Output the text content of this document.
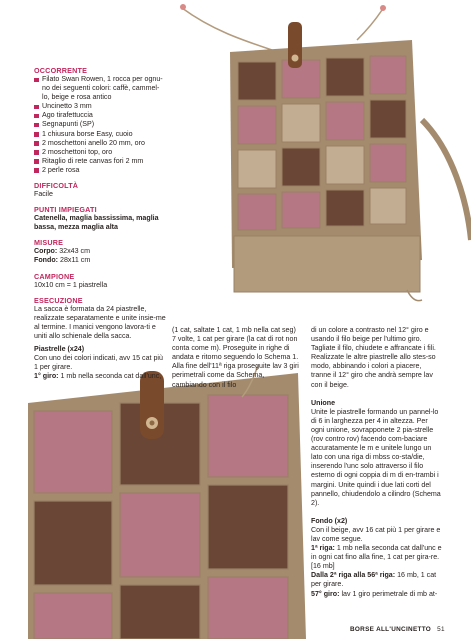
OCCORRENTE
Filato Swan Rowen, 1 rocca per ognu-no dei seguenti colori: caffè, cammel-lo, beige e rosa antico
Uncinetto 3 mm
Ago tirafettuccia
Segnapunti (SP)
1 chiusura borse Easy, cuoio
2 moschettoni anello 20 mm, oro
2 moschettoni top, oro
Ritaglio di rete canvas fori 2 mm
2 perle rosa
DIFFICOLTÀ

Facile

PUNTI IMPIEGATI

Catenella, maglia bassissima, maglia bassa, mezza maglia alta

MISURE

Corpo: 32x43 cm

Fondo: 28x11 cm

CAMPIONE

10x10 cm = 1 piastrella

ESECUZIONE

La sacca è formata da 24 piastrelle, realizzate separatamente e unite insie-me al termine. I manici vengono lavora-ti e uniti allo schienale della sacca.

Piastrelle (x24)

Con uno dei colori indicati, avv 15 cat più 1 per girare.

1° giro: 1 mb nella seconda cat dall'unc,

(1 cat, saltate 1 cat, 1 mb nella cat seg) 7 volte, 1 cat per girare (la cat di rot non conta come m). Proseguite in righe di andata e ritorno seguendo lo Schema 1. Alla fine dell'11ª riga proseguite lav 3 giri perimetrali come da Schema, cambiando con il filo

di un colore a contrasto nel 12° giro e usando il filo beige per l'ultimo giro. Tagliate il filo, chiudete e affrancate i fili. Realizzate le altre piastrelle allo stes-so modo, abbinando i colori a piacere, tranne il 12° giro che andrà sempre lav con il beige.

Unione

Unite le piastrelle formando un pannel-lo di 6 in larghezza per 4 in altezza. Per ogni unione, sovrapponete 2 pia-strelle (rov contro rov) facendo com-baciare accuratamente le m e unitele lungo un lato con una riga di mbss co-sta/die, inserendo l'unc solo attraverso il filo esterno di ogni coppia di m di en-trambi i margini. Unite quindi i due lati corti del pannello, chiudendolo a cilindro (Schema 2).

Fondo (x2)

Con il beige, avv 16 cat più 1 per girare e lav come segue.

1ª riga: 1 mb nella seconda cat dall'unc e in ogni cat fino alla fine, 1 cat per gira-re. [16 mb]

Dalla 2ª riga alla 56ª riga: 16 mb, 1 cat per girare.

57° giro: lav 1 giro perimetrale di mb at-

BORSE ALL'UNCINETTO 51
